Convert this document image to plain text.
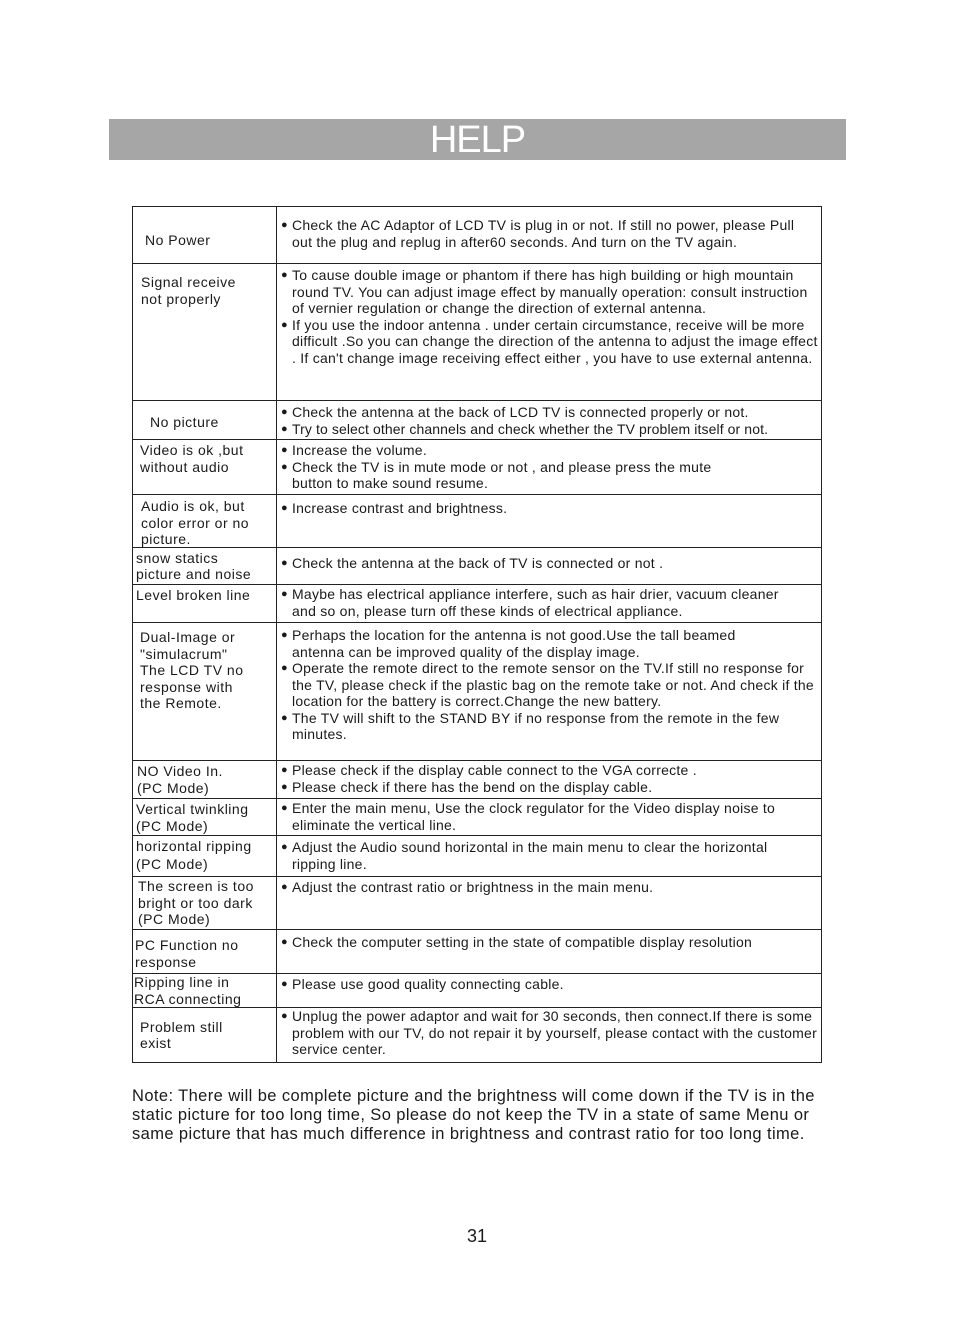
HELP
No Power
● Check the AC Adaptor of LCD TV is plug in or not. If still no power, please Pull out the plug and replug in after60 seconds. And turn on the TV again.
Signal receive
not properly
● To cause double image or phantom if there has high building or high mountain round TV. You can adjust image effect by manually operation: consult instruction of vernier regulation or change the direction of external antenna.
● If you use the indoor antenna . under certain circumstance, receive will be more difficult .So you can change the direction of the antenna to adjust the image effect . If can't change image receiving effect either , you have to use external antenna.
No picture
● Check the antenna at the back of LCD TV is connected properly or not.
● Try to select other channels and check whether the TV problem itself or not.
Video is ok ,but
without audio
● Increase the volume.
● Check the TV is in mute mode or not , and please press the mute button to make sound resume.
Audio is ok, but
color error or no
picture.
● Increase contrast and brightness.
snow statics
picture and noise
● Check the antenna at the back of TV is connected or not .
Level broken line	● Maybe has electrical appliance interfere, such as hair drier, vacuum cleaner and so on, please turn off these kinds of electrical appliance.
Dual-Image or
"simulacrum"
The LCD TV no
response with
the Remote.
● Perhaps the location for the antenna is not good.Use the tall beamed antenna can be improved quality of the display image.
● Operate the remote direct to the remote sensor on the TV.If still no response for the TV, please check if the plastic bag on the remote take or not. And check if the location for the battery is correct.Change the new battery.
● The TV will shift to the STAND BY if no response from the remote in the few minutes.
NO Video In.
(PC Mode)
● Please check if the display cable connect to the VGA correcte .
● Please check if there has the bend on the display cable.
Vertical twinkling
(PC Mode)
● Enter the main menu, Use the clock regulator for the Video display noise to eliminate the vertical line.
horizontal ripping
(PC Mode)
● Adjust the Audio sound horizontal in the main menu to clear the horizontal ripping line.
The screen is too
bright or too dark
(PC Mode)
● Adjust the contrast ratio or brightness in the main menu.
PC Function no
response
● Check the computer setting in the state of compatible display resolution
Ripping line in
RCA connecting
● Please use good quality connecting cable.
Problem still
exist
● Unplug the power adaptor and wait for 30 seconds, then connect.If there is some problem with our TV, do not repair it by yourself, please contact with the customer service center.
Note: There will be complete picture and the brightness will come down if the TV is in the static picture for too long time, So please do not keep the TV in a state of same Menu or same picture that has much difference in brightness and contrast ratio for too long time.
31
